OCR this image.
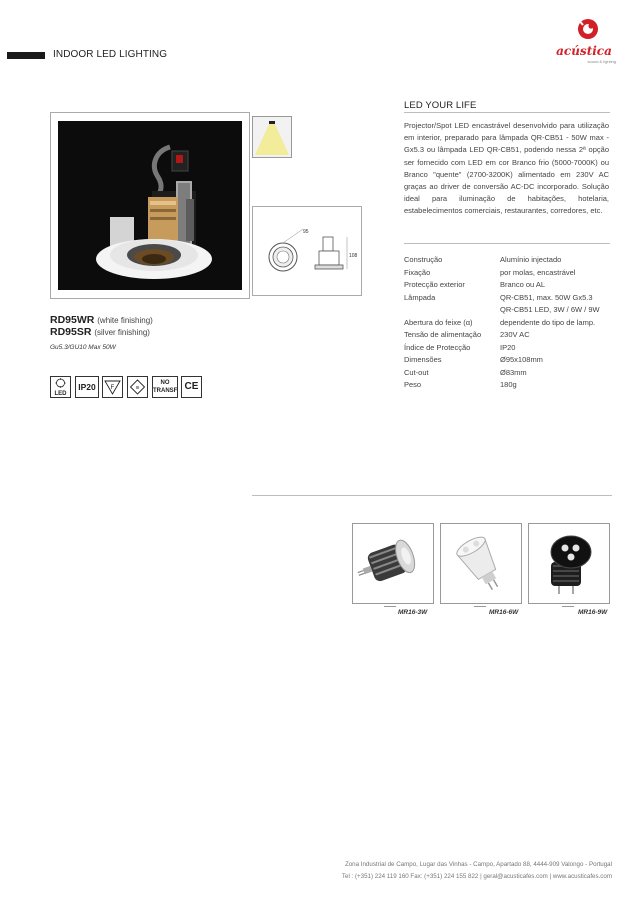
INDOOR LED LIGHTING	acústica
sound & lighting
RD95WR (white finishing)
RD95SR (silver finishing)
Gu5.3/GU10 Max 50W
LED
IP20	F	III
NO TRANSF CE
95
108
LED YOUR LIFE
Projector/Spot LED encastrável desenvolvido para utilização em interior, preparado para lâmpada QR-CB51 - 50W max - Gx5.3 ou lâmpada LED QR-CB51, podendo nessa 2ª opção ser fornecido com LED em cor Branco frio (5000-7000K) ou Branco "quente" (2700-3200K) alimentado em 230V AC graças ao driver de conversão AC-DC incorporado. Solução ideal para iluminação de habitações, hotelaria, estabelecimentos comerciais, restaurantes, corredores, etc.
Construção	Alumínio injectado
Fixação	por molas, encastrável
Protecção exterior	Branco ou AL
Lâmpada	QR-CB51, max. 50W Gx5.3
QR-CB51 LED, 3W / 6W / 9W
Abertura do feixe (α)	dependente do tipo de lamp.
Tensão de alimentação	230V AC
Índice de Protecção	IP20
Dimensões	Ø95x108mm
Cut-out	Ø83mm
Peso	180g
MR16-3W	MR16-6W	MR16-9W
Zona Industrial de Campo, Lugar das Vinhas - Campo, Apartado 88, 4444-909 Valongo - Portugal
Tel : (+351) 224 119 160 Fax: (+351) 224 155 822 | geral@acusticafes.com | www.acusticafes.com
